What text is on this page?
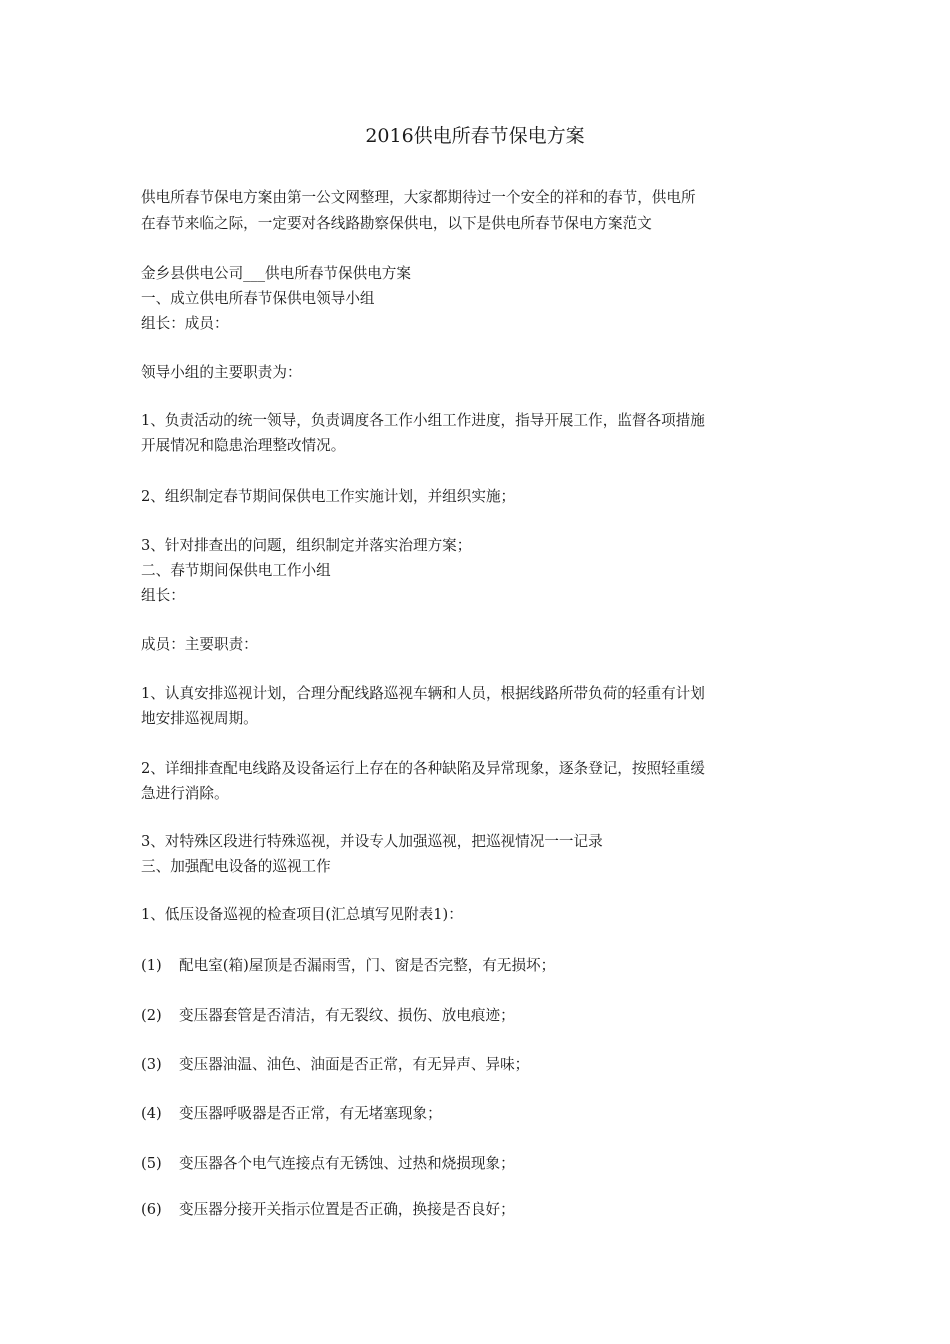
2016供电所春节保电方案
供电所春节保电方案由第一公文网整理，大家都期待过一个安全的祥和的春节，供电所
在春节来临之际，一定要对各线路勘察保供电，以下是供电所春节保电方案范文
金乡县供电公司___供电所春节保供电方案
一、成立供电所春节保供电领导小组
组长：成员：
领导小组的主要职责为：
1、负责活动的统一领导，负责调度各工作小组工作进度，指导开展工作，监督各项措施
开展情况和隐患治理整改情况。
2、组织制定春节期间保供电工作实施计划，并组织实施；
3、针对排查出的问题，组织制定并落实治理方案；
二、春节期间保供电工作小组
组长：
成员：主要职责：
1、认真安排巡视计划，合理分配线路巡视车辆和人员，根据线路所带负荷的轻重有计划
地安排巡视周期。
2、详细排查配电线路及设备运行上存在的各种缺陷及异常现象，逐条登记，按照轻重缓
急进行消除。
3、对特殊区段进行特殊巡视，并设专人加强巡视，把巡视情况一一记录
三、加强配电设备的巡视工作
1、低压设备巡视的检查项目(汇总填写见附表1)：
(1) 配电室(箱)屋顶是否漏雨雪，门、窗是否完整，有无损坏；
(2) 变压器套管是否清洁，有无裂纹、损伤、放电痕迹；
(3) 变压器油温、油色、油面是否正常，有无异声、异味；
(4) 变压器呼吸器是否正常，有无堵塞现象；
(5) 变压器各个电气连接点有无锈蚀、过热和烧损现象；
(6) 变压器分接开关指示位置是否正确，换接是否良好；
